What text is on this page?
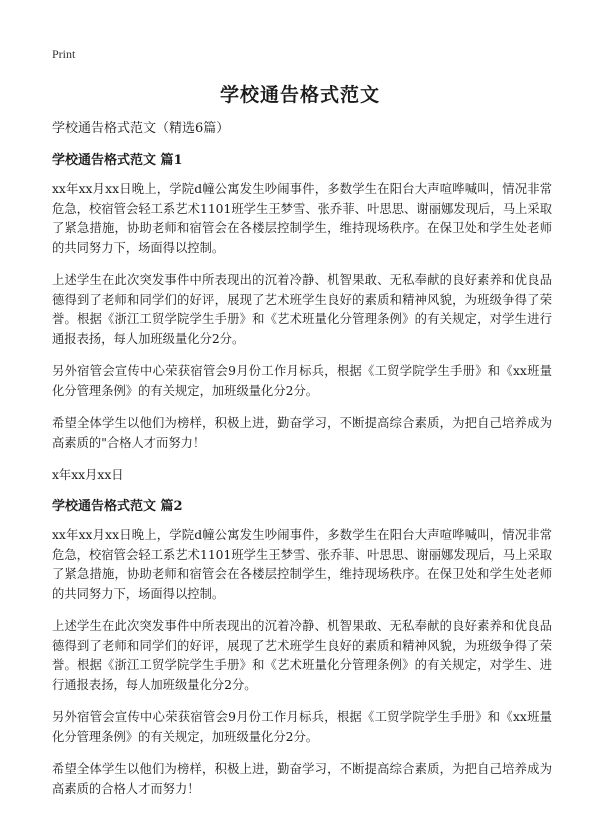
Print
学校通告格式范文

学校通告格式范文（精选6篇）

学校通告格式范文 篇1

xx年xx月xx日晚上，学院d幢公寓发生吵闹事件，多数学生在阳台大声喧哗喊叫，情况非常危急，校宿管会轻工系艺术1101班学生王梦雪、张乔菲、叶思思、谢丽娜发现后，马上采取了紧急措施，协助老师和宿管会在各楼层控制学生，维持现场秩序。在保卫处和学生处老师的共同努力下，场面得以控制。

上述学生在此次突发事件中所表现出的沉着冷静、机智果敢、无私奉献的良好素养和优良品德得到了老师和同学们的好评，展现了艺术班学生良好的素质和精神风貌，为班级争得了荣誉。根据《浙江工贸学院学生手册》和《艺术班量化分管理条例》的有关规定，对学生进行通报表扬，每人加班级量化分2分。

另外宿管会宣传中心荣获宿管会9月份工作月标兵，根据《工贸学院学生手册》和《xx班量化分管理条例》的有关规定，加班级量化分2分。

希望全体学生以他们为榜样，积极上进，勤奋学习，不断提高综合素质，为把自己培养成为高素质的"合格人才而努力！

x年xx月xx日

学校通告格式范文 篇2

xx年xx月xx日晚上，学院d幢公寓发生吵闹事件，多数学生在阳台大声喧哗喊叫，情况非常危急，校宿管会轻工系艺术1101班学生王梦雪、张乔菲、叶思思、谢丽娜发现后，马上采取了紧急措施，协助老师和宿管会在各楼层控制学生，维持现场秩序。在保卫处和学生处老师的共同努力下，场面得以控制。

上述学生在此次突发事件中所表现出的沉着冷静、机智果敢、无私奉献的良好素养和优良品德得到了老师和同学们的好评，展现了艺术班学生良好的素质和精神风貌，为班级争得了荣誉。根据《浙江工贸学院学生手册》和《艺术班量化分管理条例》的有关规定，对学生、进行通报表扬，每人加班级量化分2分。

另外宿管会宣传中心荣获宿管会9月份工作月标兵，根据《工贸学院学生手册》和《xx班量化分管理条例》的有关规定，加班级量化分2分。

希望全体学生以他们为榜样，积极上进，勤奋学习，不断提高综合素质，为把自己培养成为高素质的合格人才而努力！
